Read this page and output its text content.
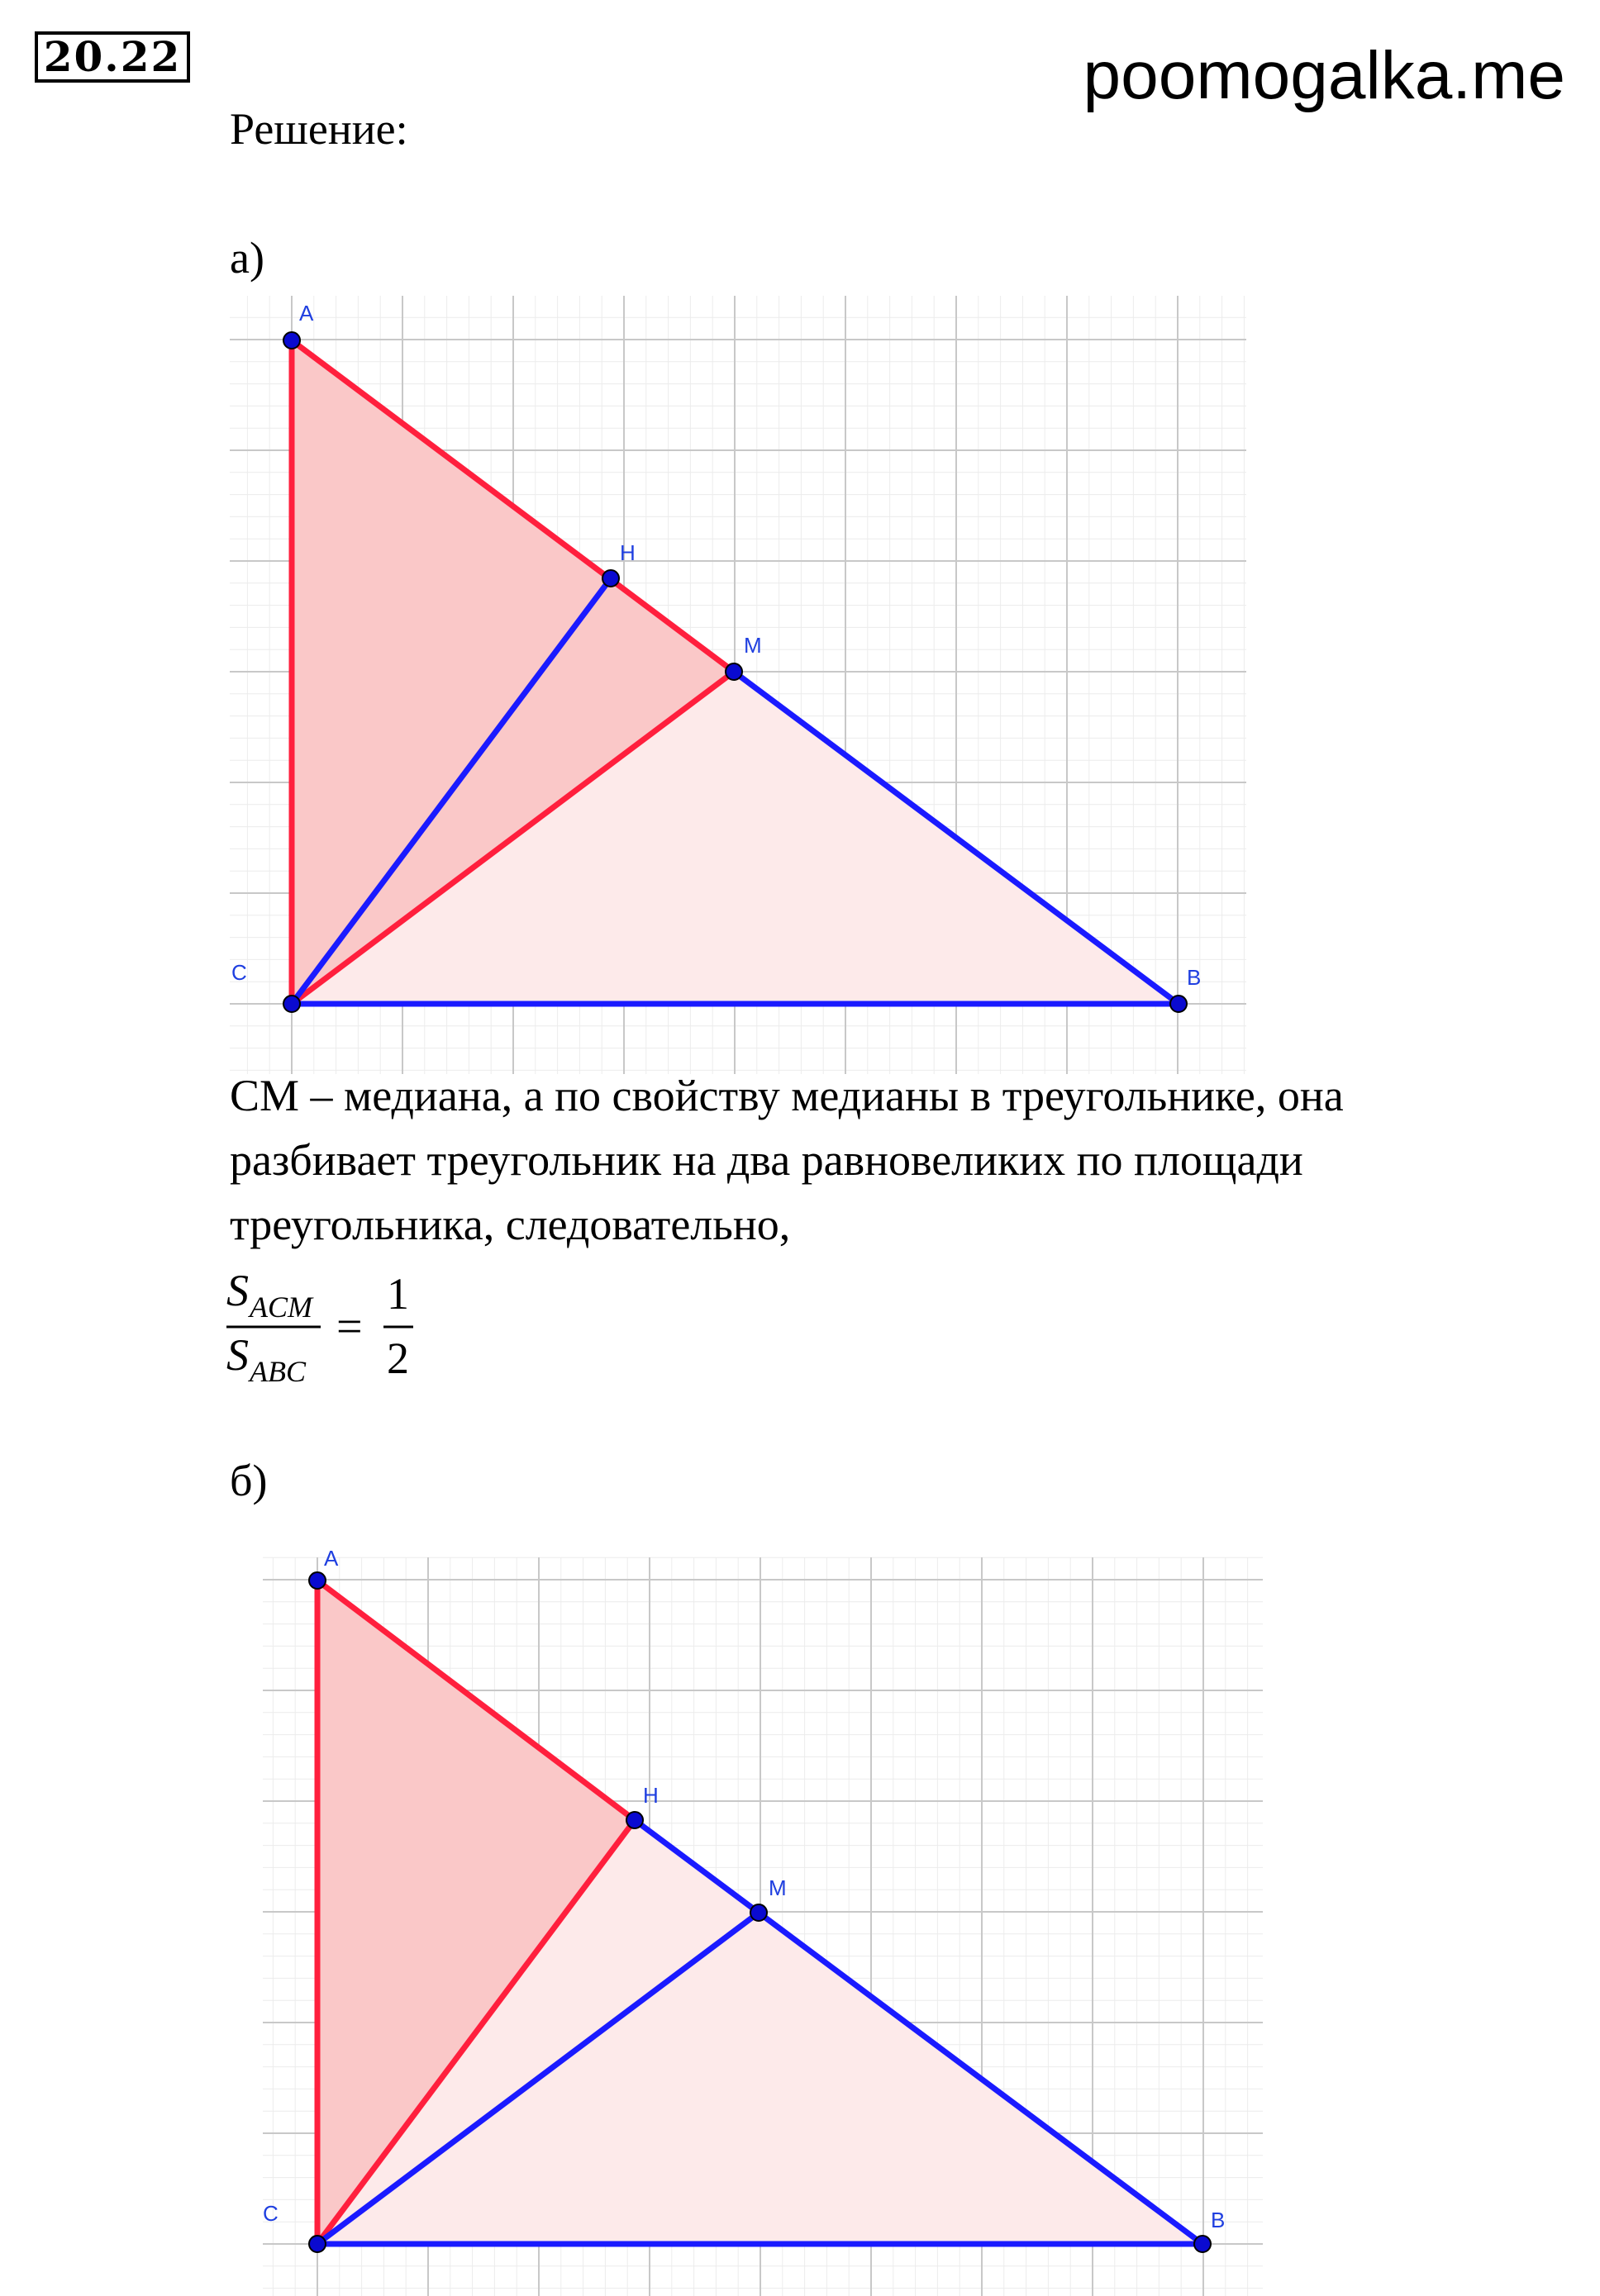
20.22	poomogalka.me
Решение:
а)
A
H
M
C	B
CM – медиана, а по свойству медианы в треугольнике, она
разбивает треугольник на два равновеликих по площади
треугольника, следовательно,
S ACM
S ABC
=
1
2
б)
A
H
M
C	B
